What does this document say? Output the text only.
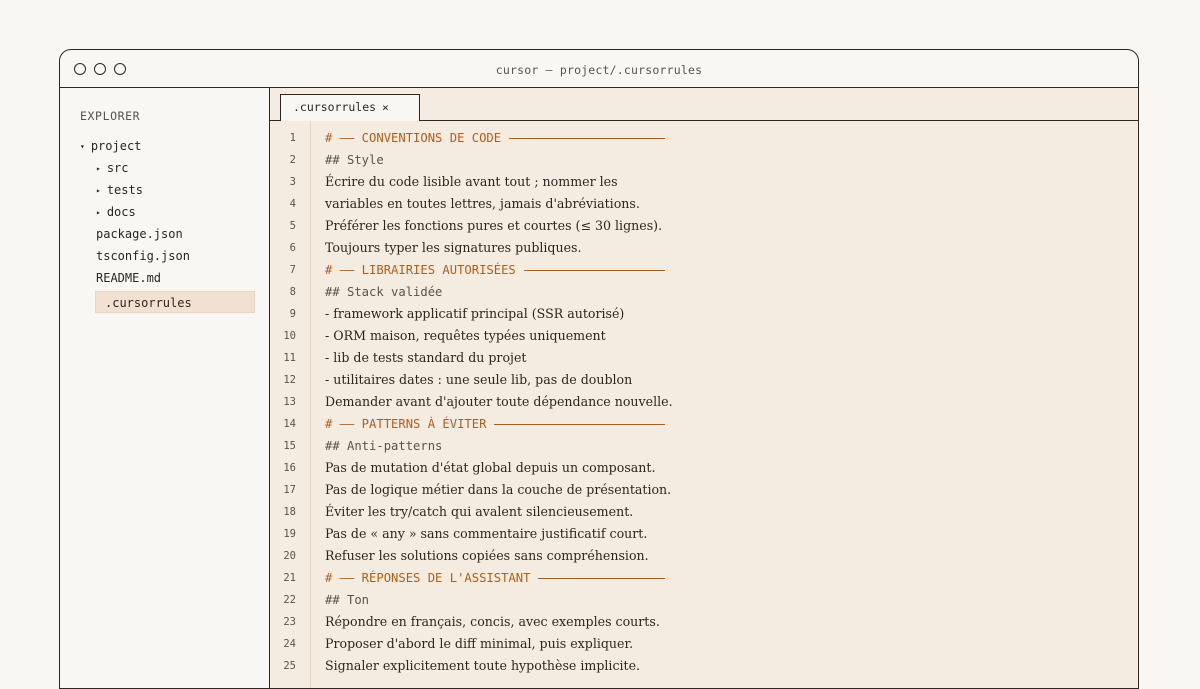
cursor — project/.cursorrules
EXPLORER
▾ project
▸ src
▸ tests
▸ docs
package.json
tsconfig.json
README.md
.cursorrules
.cursorrules ×
1 # —— CONVENTIONS DE CODE
2 ## Style
3 Écrire du code lisible avant tout ; nommer les
4 variables en toutes lettres, jamais d'abréviations.
5 Préférer les fonctions pures et courtes (≤ 30 lignes).
6 Toujours typer les signatures publiques.
7 # —— LIBRAIRIES AUTORISÉES
8 ## Stack validée
9 - framework applicatif principal (SSR autorisé)
10 - ORM maison, requêtes typées uniquement
11 - lib de tests standard du projet
12 - utilitaires dates : une seule lib, pas de doublon
13 Demander avant d'ajouter toute dépendance nouvelle.
14 # —— PATTERNS À ÉVITER
15 ## Anti-patterns
16 Pas de mutation d'état global depuis un composant.
17 Pas de logique métier dans la couche de présentation.
18 Éviter les try/catch qui avalent silencieusement.
19 Pas de « any » sans commentaire justificatif court.
20 Refuser les solutions copiées sans compréhension.
21 # —— RÉPONSES DE L'ASSISTANT
22 ## Ton
23 Répondre en français, concis, avec exemples courts.
24 Proposer d'abord le diff minimal, puis expliquer.
25 Signaler explicitement toute hypothèse implicite.
